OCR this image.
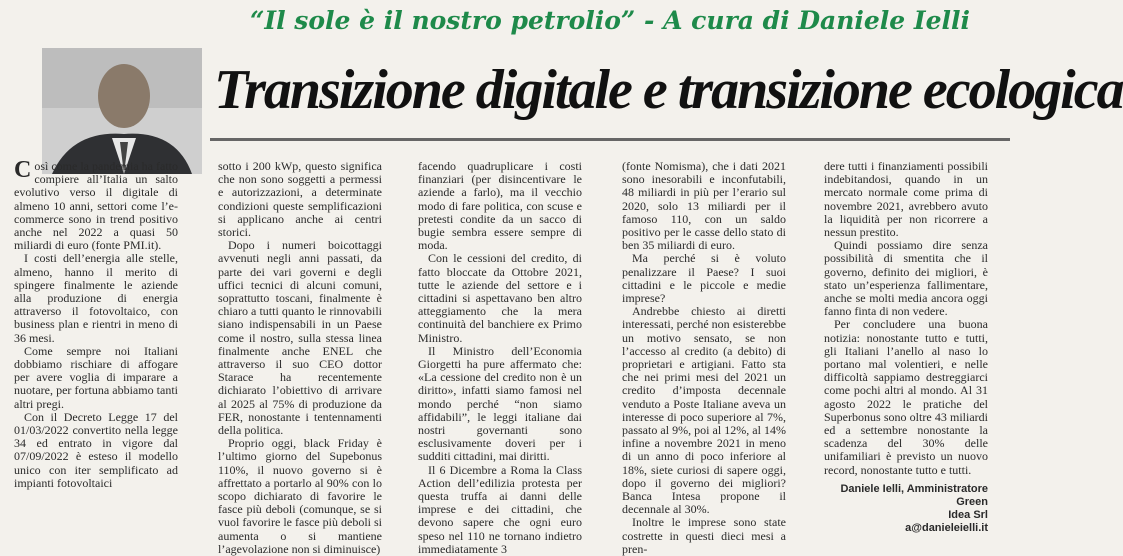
“Il sole è il nostro petrolio” - A cura di Daniele Ielli
Transizione digitale e transizione ecologica

Così come la pandemia ha fatto compiere all’Italia un salto evolutivo verso il digitale di almeno 10 anni, settori come l’e-commerce sono in trend positivo anche nel 2022 a quasi 50 miliardi di euro (fonte PMI.it).

I costi dell’energia alle stelle, almeno, hanno il merito di spingere finalmente le aziende alla produzione di energia attraverso il fotovoltaico, con business plan e rientri in meno di 36 mesi.

Come sempre noi Italiani dobbiamo rischiare di affogare per avere voglia di imparare a nuotare, per fortuna abbiamo tanti altri pregi.

Con il Decreto Legge 17 del 01/03/2022 convertito nella legge 34 ed entrato in vigore dal 07/09/2022 è esteso il modello unico con iter semplificato ad impianti fotovoltaici

sotto i 200 kWp, questo significa che non sono soggetti a permessi e autorizzazioni, a determinate condizioni queste semplificazioni si applicano anche ai centri storici.

Dopo i numeri boicottaggi avvenuti negli anni passati, da parte dei vari governi e degli uffici tecnici di alcuni comuni, soprattutto toscani, finalmente è chiaro a tutti quanto le rinnovabili siano indispensabili in un Paese come il nostro, sulla stessa linea finalmente anche ENEL che attraverso il suo CEO dottor Starace ha recentemente dichiarato l’obiettivo di arrivare al 2025 al 75% di produzione da FER, nonostante i tentennamenti della politica.

Proprio oggi, black Friday è l’ultimo giorno del Supebonus 110%, il nuovo governo si è affrettato a portarlo al 90% con lo scopo dichiarato di favorire le fasce più deboli (comunque, se si vuol favorire le fasce più deboli si aumenta o si mantiene l’agevolazione non si diminuisce)

facendo quadruplicare i costi finanziari (per disincentivare le aziende a farlo), ma il vecchio modo di fare politica, con scuse e pretesti condite da un sacco di bugie sembra essere sempre di moda.

Con le cessioni del credito, di fatto bloccate da Ottobre 2021, tutte le aziende del settore e i cittadini si aspettavano ben altro atteggiamento che la mera continuità del banchiere ex Primo Ministro.

Il Ministro dell’Economia Giorgetti ha pure affermato che: «La cessione del credito non è un diritto», infatti siamo famosi nel mondo perché “non siamo affidabili”, le leggi italiane dai nostri governanti sono esclusivamente doveri per i sudditi cittadini, mai diritti.

Il 6 Dicembre a Roma la Class Action dell’edilizia protesta per questa truffa ai danni delle imprese e dei cittadini, che devono sapere che ogni euro speso nel 110 ne tornano indietro immediatamente 3

(fonte Nomisma), che i dati 2021 sono inesorabili e inconfutabili, 48 miliardi in più per l’erario sul 2020, solo 13 miliardi per il famoso 110, con un saldo positivo per le casse dello stato di ben 35 miliardi di euro.

Ma perché si è voluto penalizzare il Paese? I suoi cittadini e le piccole e medie imprese?

Andrebbe chiesto ai diretti interessati, perché non esisterebbe un motivo sensato, se non l’accesso al credito (a debito) di proprietari e artigiani. Fatto sta che nei primi mesi del 2021 un credito d’imposta decennale venduto a Poste Italiane aveva un interesse di poco superiore al 7%, passato al 9%, poi al 12%, al 14% infine a novembre 2021 in meno di un anno di poco inferiore al 18%, siete curiosi di sapere oggi, dopo il governo dei migliori? Banca Intesa propone il decennale al 30%.

Inoltre le imprese sono state costrette in questi dieci mesi a pren-

dere tutti i finanziamenti possibili indebitandosi, quando in un mercato normale come prima di novembre 2021, avrebbero avuto la liquidità per non ricorrere a nessun prestito.

Quindi possiamo dire senza possibilità di smentita che il governo, definito dei migliori, è stato un’esperienza fallimentare, anche se molti media ancora oggi fanno finta di non vedere.

Per concludere una buona notizia: nonostante tutto e tutti, gli Italiani l’anello al naso lo portano mal volentieri, e nelle difficoltà sappiamo destreggiarci come pochi altri al mondo. Al 31 agosto 2022 le pratiche del Superbonus sono oltre 43 miliardi ed a settembre nonostante la scadenza del 30% delle unifamiliari è previsto un nuovo record, nonostante tutto e tutti.

Daniele Ielli, Amministratore Green
Idea Srl
a@danieleielli.it
